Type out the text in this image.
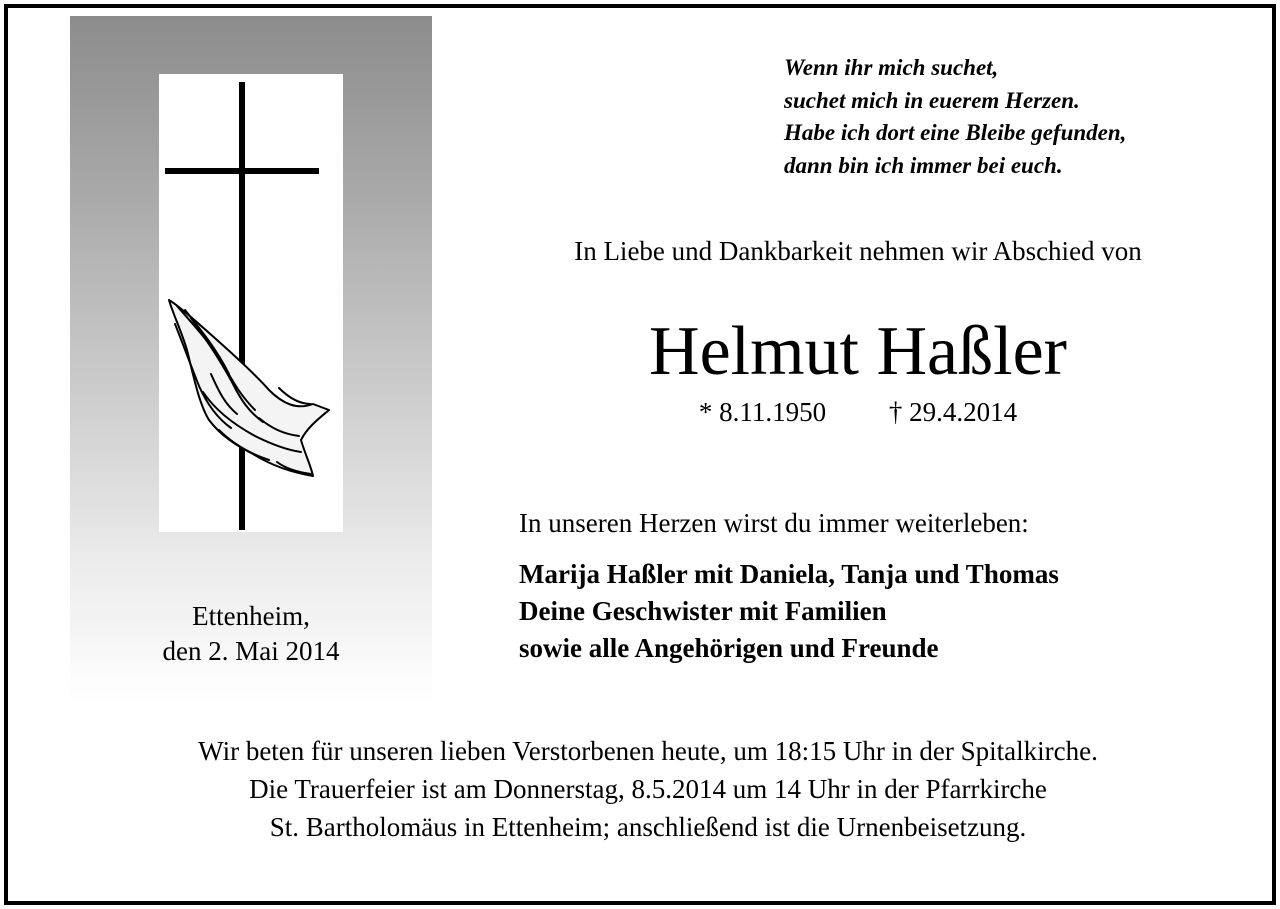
Ettenheim,
den 2. Mai 2014
Wenn ihr mich suchet,
suchet mich in euerem Herzen.
Habe ich dort eine Bleibe gefunden,
dann bin ich immer bei euch.
In Liebe und Dankbarkeit nehmen wir Abschied von
Helmut Haßler
* 8.11.1950 † 29.4.2014
In unseren Herzen wirst du immer weiterleben:
Marija Haßler mit Daniela, Tanja und Thomas
Deine Geschwister mit Familien
sowie alle Angehörigen und Freunde
Wir beten für unseren lieben Verstorbenen heute, um 18:15 Uhr in der Spitalkirche.
Die Trauerfeier ist am Donnerstag, 8.5.2014 um 14 Uhr in der Pfarrkirche
St. Bartholomäus in Ettenheim; anschließend ist die Urnenbeisetzung.
